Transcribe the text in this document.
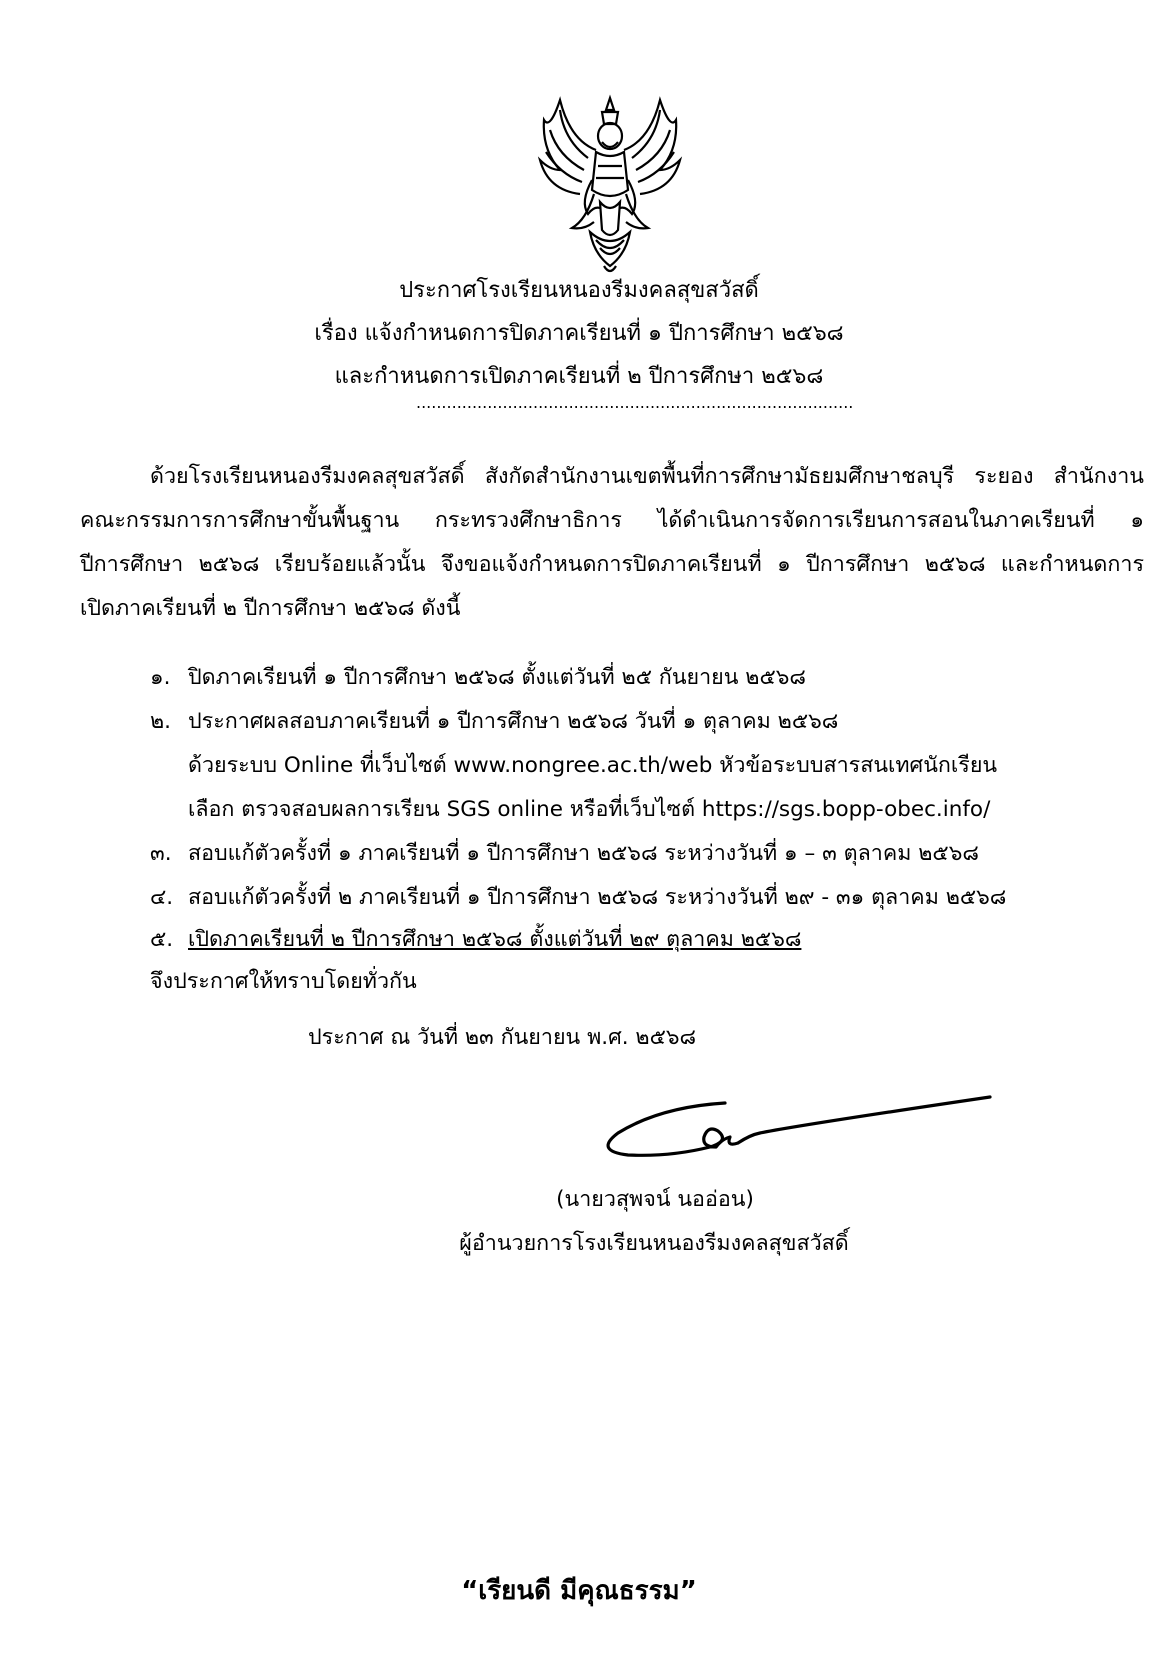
ประกาศโรงเรียนหนองรีมงคลสุขสวัสดิ์
เรื่อง แจ้งกำหนดการปิดภาคเรียนที่ ๑ ปีการศึกษา ๒๕๖๘
และกำหนดการเปิดภาคเรียนที่ ๒ ปีการศึกษา ๒๕๖๘
......................................................................................
ด้วยโรงเรียนหนองรีมงคลสุขสวัสดิ์ สังกัดสำนักงานเขตพื้นที่การศึกษามัธยมศึกษาชลบุรี ระยอง สำนักงาน
คณะกรรมการการศึกษาขั้นพื้นฐาน กระทรวงศึกษาธิการ ได้ดำเนินการจัดการเรียนการสอนในภาคเรียนที่ ๑
ปีการศึกษา ๒๕๖๘ เรียบร้อยแล้วนั้น จึงขอแจ้งกำหนดการปิดภาคเรียนที่ ๑ ปีการศึกษา ๒๕๖๘ และกำหนดการ
เปิดภาคเรียนที่ ๒ ปีการศึกษา ๒๕๖๘ ดังนี้
๑. ปิดภาคเรียนที่ ๑ ปีการศึกษา ๒๕๖๘ ตั้งแต่วันที่ ๒๕ กันยายน ๒๕๖๘
๒. ประกาศผลสอบภาคเรียนที่ ๑ ปีการศึกษา ๒๕๖๘ วันที่ ๑ ตุลาคม ๒๕๖๘
ด้วยระบบ Online ที่เว็บไซต์ www.nongree.ac.th/web หัวข้อระบบสารสนเทศนักเรียน
เลือก ตรวจสอบผลการเรียน SGS online หรือที่เว็บไซต์ https://sgs.bopp-obec.info/
๓. สอบแก้ตัวครั้งที่ ๑ ภาคเรียนที่ ๑ ปีการศึกษา ๒๕๖๘ ระหว่างวันที่ ๑ – ๓ ตุลาคม ๒๕๖๘
๔. สอบแก้ตัวครั้งที่ ๒ ภาคเรียนที่ ๑ ปีการศึกษา ๒๕๖๘ ระหว่างวันที่ ๒๙ - ๓๑ ตุลาคม ๒๕๖๘
๕. เปิดภาคเรียนที่ ๒ ปีการศึกษา ๒๕๖๘ ตั้งแต่วันที่ ๒๙ ตุลาคม ๒๕๖๘
จึงประกาศให้ทราบโดยทั่วกัน
ประกาศ ณ วันที่ ๒๓ กันยายน พ.ศ. ๒๕๖๘
(นายวสุพจน์ นออ่อน)
ผู้อำนวยการโรงเรียนหนองรีมงคลสุขสวัสดิ์
“เรียนดี มีคุณธรรม”
